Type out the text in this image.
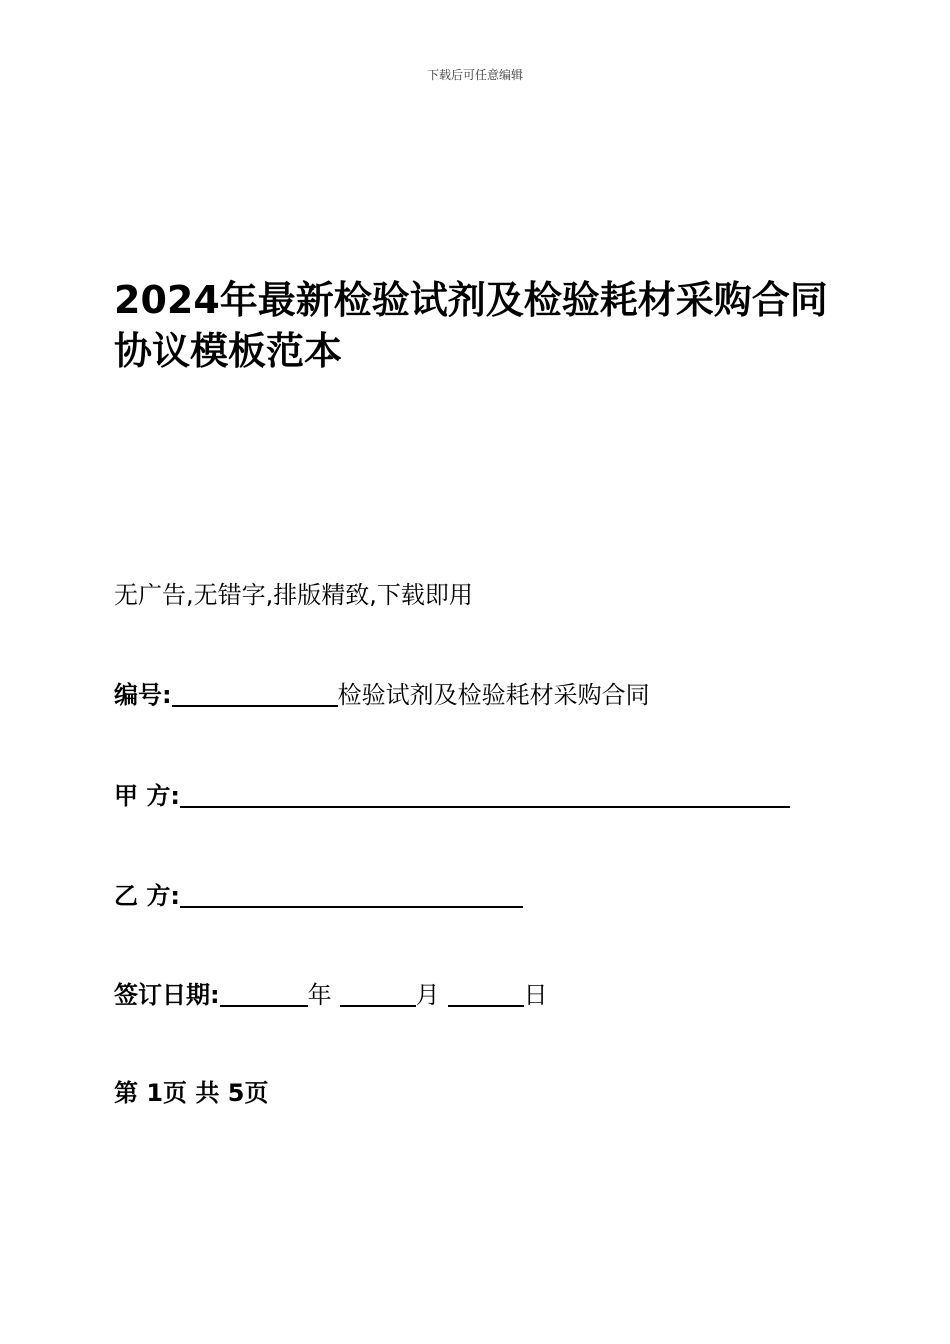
下载后可任意编辑
2024年最新检验试剂及检验耗材采购合同协议模板范本
无广告,无错字,排版精致,下载即用
编号:	检验试剂及检验耗材采购合同
甲 方:
乙 方:
签订日期:	年	月	日
第 1页 共 5页
